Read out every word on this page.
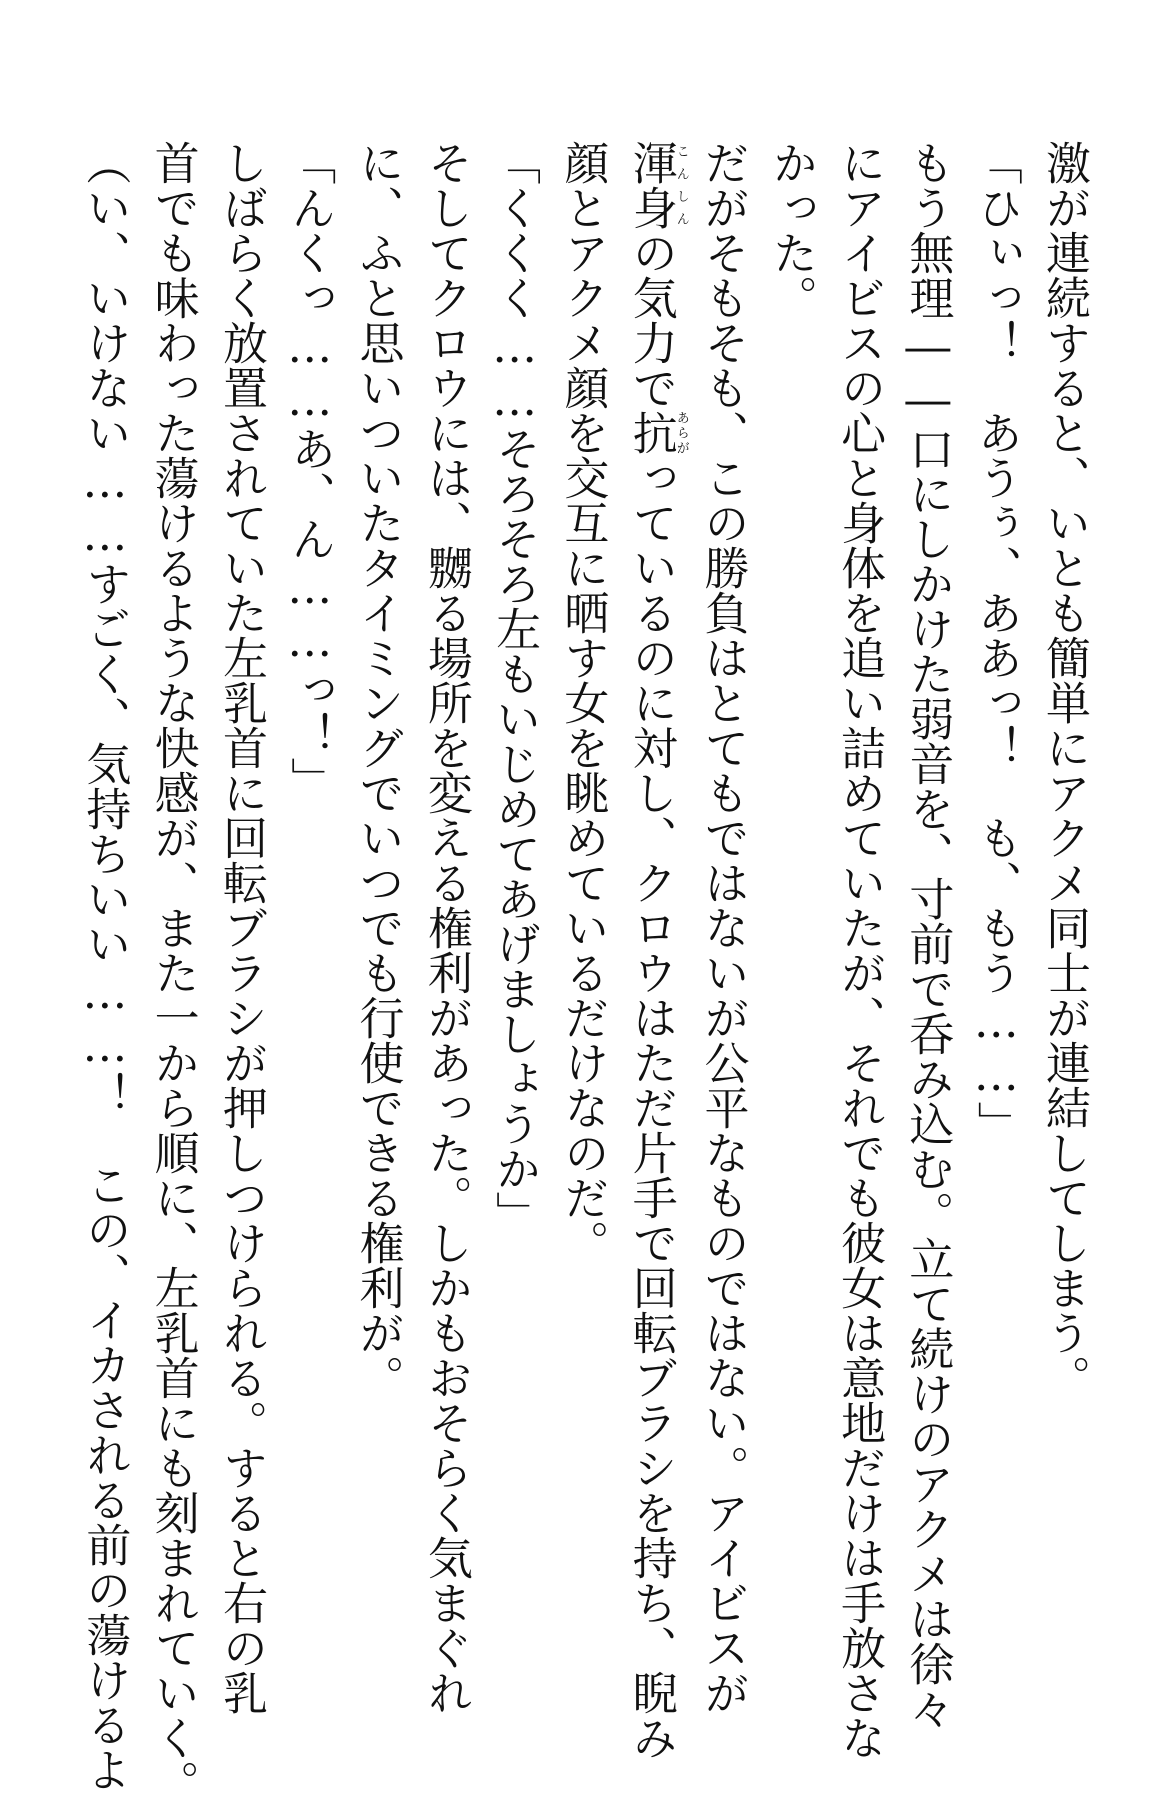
激が連続すると、いとも簡単にアクメ同士が連結してしまう。
「ひぃっ！　あうぅ、ああっ！　も、もう……」
もう無理――口にしかけた弱音を、寸前で呑み込む。立て続けのアクメは徐々
にアイビスの心と身体を追い詰めていたが、それでも彼女は意地だけは手放さな
かった。
だがそもそも、この勝負はとてもではないが公平なものではない。アイビスが
渾身こんしんの気力で抗あらがっているのに対し、クロウはただ片手で回転ブラシを持ち、睨み
顔とアクメ顔を交互に晒す女を眺めているだけなのだ。
「くくく……そろそろ左もいじめてあげましょうか」
そしてクロウには、嬲る場所を変える権利があった。しかもおそらく気まぐれ
に、ふと思いついたタイミングでいつでも行使できる権利が。
「んくっ……あ、ん……っ！」
しばらく放置されていた左乳首に回転ブラシが押しつけられる。すると右の乳
首でも味わった蕩けるような快感が、また一から順に、左乳首にも刻まれていく。
（い、いけない……すごく、気持ちいい……！　この、イカされる前の蕩けるよ
